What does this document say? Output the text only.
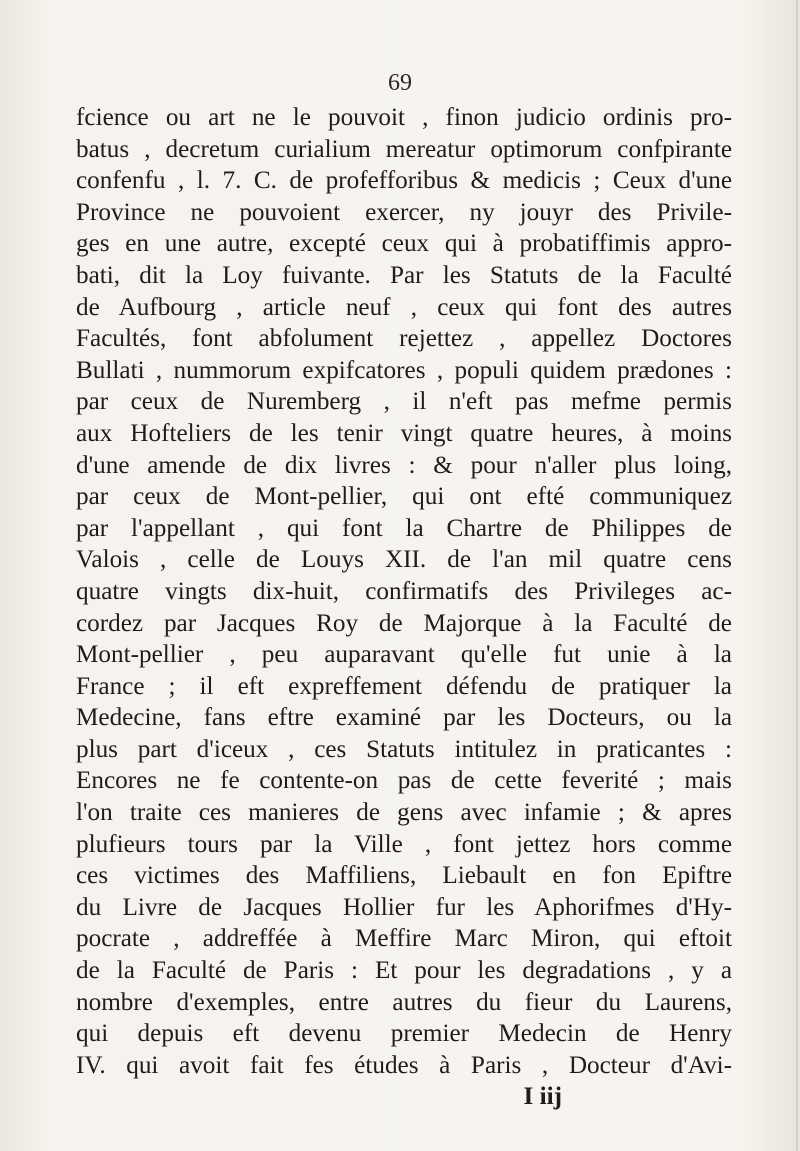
69
fcience ou art ne le pouvoit , finon judicio ordinis pro-
batus , decretum curialium mereatur optimorum confpirante
confenfu , l. 7. C. de profefforibus & medicis ; Ceux d'une
Province ne pouvoient exercer, ny jouyr des Privile-
ges en une autre, excepté ceux qui à probatiffimis appro-
bati, dit la Loy fuivante. Par les Statuts de la Faculté
de Aufbourg , article neuf , ceux qui font des autres
Facultés, font abfolument rejettez , appellez Doctores
Bullati , nummorum expifcatores , populi quidem prædones :
par ceux de Nuremberg , il n'eft pas mefme permis
aux Hofteliers de les tenir vingt quatre heures, à moins
d'une amende de dix livres : & pour n'aller plus loing,
par ceux de Mont-pellier, qui ont efté communiquez
par l'appellant , qui font la Chartre de Philippes de
Valois , celle de Louys XII. de l'an mil quatre cens
quatre vingts dix-huit, confirmatifs des Privileges ac-
cordez par Jacques Roy de Majorque à la Faculté de
Mont-pellier , peu auparavant qu'elle fut unie à la
France ; il eft expreffement défendu de pratiquer la
Medecine, fans eftre examiné par les Docteurs, ou la
plus part d'iceux , ces Statuts intitulez in praticantes :
Encores ne fe contente-on pas de cette feverité ; mais
l'on traite ces manieres de gens avec infamie ; & apres
plufieurs tours par la Ville , font jettez hors comme
ces victimes des Maffiliens, Liebault en fon Epiftre
du Livre de Jacques Hollier fur les Aphorifmes d'Hy-
pocrate , addreffée à Meffire Marc Miron, qui eftoit
de la Faculté de Paris : Et pour les degradations , y a
nombre d'exemples, entre autres du fieur du Laurens,
qui depuis eft devenu premier Medecin de Henry
IV. qui avoit fait fes études à Paris , Docteur d'Avi-
I iij
